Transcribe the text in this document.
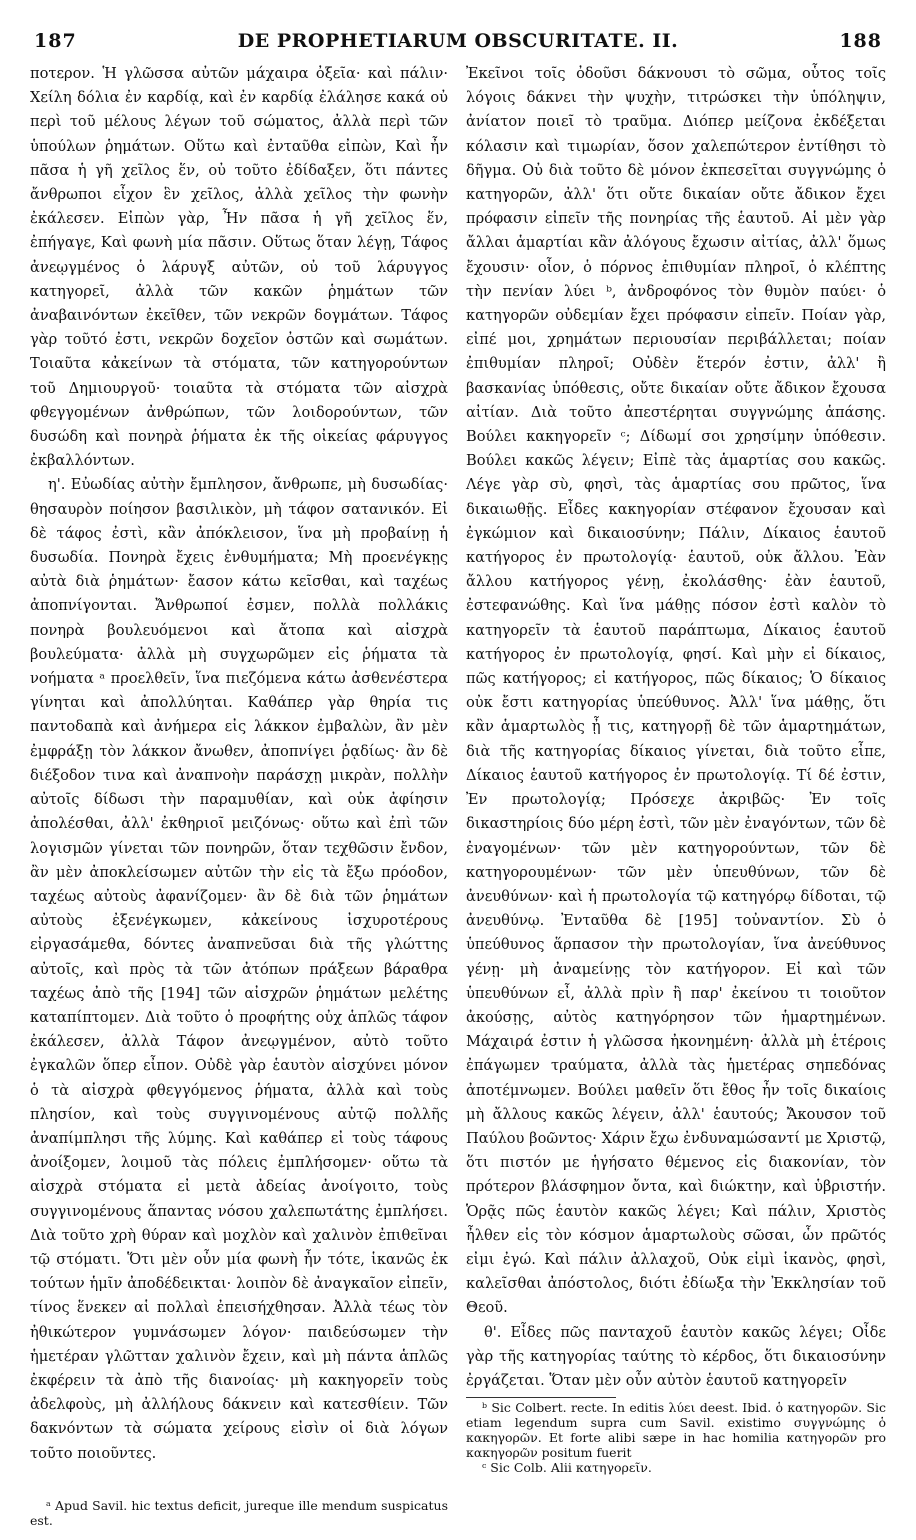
187	DE PROPHETIARUM OBSCURITATE. II.	188

ποτερον. Ἡ γλῶσσα αὐτῶν μάχαιρα ὀξεῖα· καὶ πάλιν· Χείλη δόλια ἐν καρδίᾳ, καὶ ἐν καρδίᾳ ἐλάλησε κακά οὐ περὶ τοῦ μέλους λέγων τοῦ σώματος, ἀλλὰ περὶ τῶν ὑπούλων ῥημάτων. Οὕτω καὶ ἐνταῦθα εἰπὼν, Καὶ ἦν πᾶσα ἡ γῆ χεῖλος ἕν, οὐ τοῦτο ἐδίδαξεν, ὅτι πάντες ἄνθρωποι εἶχον ἓν χεῖλος, ἀλλὰ χεῖλος τὴν φωνὴν ἐκάλεσεν. Εἰπὼν γὰρ, Ἦν πᾶσα ἡ γῆ χεῖλος ἕν, ἐπήγαγε, Καὶ φωνὴ μία πᾶσιν. Οὕτως ὅταν λέγῃ, Τάφος ἀνεῳγμένος ὁ λάρυγξ αὐτῶν, οὐ τοῦ λάρυγγος κατηγορεῖ, ἀλλὰ τῶν κακῶν ῥημάτων τῶν ἀναβαινόντων ἐκεῖθεν, τῶν νεκρῶν δογμάτων. Τάφος γὰρ τοῦτό ἐστι, νεκρῶν δοχεῖον ὀστῶν καὶ σωμάτων. Τοιαῦτα κἀκείνων τὰ στόματα, τῶν κατηγορούντων τοῦ Δημιουργοῦ· τοιαῦτα τὰ στόματα τῶν αἰσχρὰ φθεγγομένων ἀνθρώπων, τῶν λοιδορούντων, τῶν δυσώδη καὶ πονηρὰ ῥήματα ἐκ τῆς οἰκείας φάρυγγος ἐκβαλλόντων.

η'. Εὐωδίας αὐτὴν ἔμπλησον, ἄνθρωπε, μὴ δυσωδίας· θησαυρὸν ποίησον βασιλικὸν, μὴ τάφον σατανικόν. Εἰ δὲ τάφος ἐστὶ, κἂν ἀπόκλεισον, ἵνα μὴ προβαίνῃ ἡ δυσωδία. Πονηρὰ ἔχεις ἐνθυμήματα; Μὴ προενέγκῃς αὐτὰ διὰ ῥημάτων· ἔασον κάτω κεῖσθαι, καὶ ταχέως ἀποπνίγονται. Ἄνθρωποί ἐσμεν, πολλὰ πολλάκις πονηρὰ βουλευόμενοι καὶ ἄτοπα καὶ αἰσχρὰ βουλεύματα· ἀλλὰ μὴ συγχωρῶμεν εἰς ῥήματα τὰ νοήματα ᵃ προελθεῖν, ἵνα πιεζόμενα κάτω ἀσθενέστερα γίνηται καὶ ἀπολλύηται. Καθάπερ γὰρ θηρία τις παντοδαπὰ καὶ ἀνήμερα εἰς λάκκον ἐμβαλὼν, ἂν μὲν ἐμφράξῃ τὸν λάκκον ἄνωθεν, ἀποπνίγει ῥᾳδίως· ἂν δὲ διέξοδον τινα καὶ ἀναπνοὴν παράσχῃ μικρὰν, πολλὴν αὐτοῖς δίδωσι τὴν παραμυθίαν, καὶ οὐκ ἀφίησιν ἀπολέσθαι, ἀλλ' ἐκθηριοῖ μειζόνως· οὕτω καὶ ἐπὶ τῶν λογισμῶν γίνεται τῶν πονηρῶν, ὅταν τεχθῶσιν ἔνδον, ἂν μὲν ἀποκλείσωμεν αὐτῶν τὴν εἰς τὰ ἔξω πρόοδον, ταχέως αὐτοὺς ἀφανίζομεν· ἂν δὲ διὰ τῶν ῥημάτων αὐτοὺς ἐξενέγκωμεν, κἀκείνους ἰσχυροτέρους εἰργασάμεθα, δόντες ἀναπνεῦσαι διὰ τῆς γλώττης αὐτοῖς, καὶ πρὸς τὰ τῶν ἀτόπων πράξεων βάραθρα ταχέως ἀπὸ τῆς [194] τῶν αἰσχρῶν ῥημάτων μελέτης καταπίπτομεν. Διὰ τοῦτο ὁ προφήτης οὐχ ἁπλῶς τάφον ἐκάλεσεν, ἀλλὰ Τάφον ἀνεῳγμένον, αὐτὸ τοῦτο ἐγκαλῶν ὅπερ εἶπον. Οὐδὲ γὰρ ἑαυτὸν αἰσχύνει μόνον ὁ τὰ αἰσχρὰ φθεγγόμενος ῥήματα, ἀλλὰ καὶ τοὺς πλησίον, καὶ τοὺς συγγινομένους αὐτῷ πολλῆς ἀναπίμπλησι τῆς λύμης. Καὶ καθάπερ εἰ τοὺς τάφους ἀνοίξομεν, λοιμοῦ τὰς πόλεις ἐμπλήσομεν· οὕτω τὰ αἰσχρὰ στόματα εἰ μετὰ ἀδείας ἀνοίγοιτο, τοὺς συγγινομένους ἅπαντας νόσου χαλεπωτάτης ἐμπλήσει. Διὰ τοῦτο χρὴ θύραν καὶ μοχλὸν καὶ χαλινὸν ἐπιθεῖναι τῷ στόματι. Ὅτι μὲν οὖν μία φωνὴ ἦν τότε, ἱκανῶς ἐκ τούτων ἡμῖν ἀποδέδεικται· λοιπὸν δὲ ἀναγκαῖον εἰπεῖν, τίνος ἕνεκεν αἱ πολλαὶ ἐπεισήχθησαν. Ἀλλὰ τέως τὸν ἠθικώτερον γυμνάσωμεν λόγον· παιδεύσωμεν τὴν ἡμετέραν γλῶτταν χαλινὸν ἔχειν, καὶ μὴ πάντα ἁπλῶς ἐκφέρειν τὰ ἀπὸ τῆς διανοίας· μὴ κακηγορεῖν τοὺς ἀδελφοὺς, μὴ ἀλλήλους δάκνειν καὶ κατεσθίειν. Τῶν δακνόντων τὰ σώματα χείρους εἰσὶν οἱ διὰ λόγων τοῦτο ποιοῦντες.

Ἐκεῖνοι τοῖς ὀδοῦσι δάκνουσι τὸ σῶμα, οὗτος τοῖς λόγοις δάκνει τὴν ψυχὴν, τιτρώσκει τὴν ὑπόληψιν, ἀνίατον ποιεῖ τὸ τραῦμα. Διόπερ μείζονα ἐκδέξεται κόλασιν καὶ τιμωρίαν, ὅσον χαλεπώτερον ἐντίθησι τὸ δῆγμα. Οὐ διὰ τοῦτο δὲ μόνον ἐκπεσεῖται συγγνώμης ὁ κατηγορῶν, ἀλλ' ὅτι οὔτε δικαίαν οὔτε ἄδικον ἔχει πρόφασιν εἰπεῖν τῆς πονηρίας τῆς ἑαυτοῦ. Αἱ μὲν γὰρ ἄλλαι ἁμαρτίαι κἂν ἀλόγους ἔχωσιν αἰτίας, ἀλλ' ὅμως ἔχουσιν· οἷον, ὁ πόρνος ἐπιθυμίαν πληροῖ, ὁ κλέπτης τὴν πενίαν λύει ᵇ, ἀνδροφόνος τὸν θυμὸν παύει· ὁ κατηγορῶν οὐδεμίαν ἔχει πρόφασιν εἰπεῖν. Ποίαν γὰρ, εἰπέ μοι, χρημάτων περιουσίαν περιβάλλεται; ποίαν ἐπιθυμίαν πληροῖ; Οὐδὲν ἕτερόν ἐστιν, ἀλλ' ἢ βασκανίας ὑπόθεσις, οὔτε δικαίαν οὔτε ἄδικον ἔχουσα αἰτίαν. Διὰ τοῦτο ἀπεστέρηται συγγνώμης ἁπάσης. Βούλει κακηγορεῖν ᶜ; Δίδωμί σοι χρησίμην ὑπόθεσιν. Βούλει κακῶς λέγειν; Εἰπὲ τὰς ἁμαρτίας σου κακῶς. Λέγε γὰρ σὺ, φησὶ, τὰς ἁμαρτίας σου πρῶτος, ἵνα δικαιωθῇς. Εἶδες κακηγορίαν στέφανον ἔχουσαν καὶ ἐγκώμιον καὶ δικαιοσύνην; Πάλιν, Δίκαιος ἑαυτοῦ κατήγορος ἐν πρωτολογίᾳ· ἑαυτοῦ, οὐκ ἄλλου. Ἐὰν ἄλλου κατήγορος γένῃ, ἐκολάσθης· ἐὰν ἑαυτοῦ, ἐστεφανώθης. Καὶ ἵνα μάθῃς πόσον ἐστὶ καλὸν τὸ κατηγορεῖν τὰ ἑαυτοῦ παράπτωμα, Δίκαιος ἑαυτοῦ κατήγορος ἐν πρωτολογίᾳ, φησί. Καὶ μὴν εἰ δίκαιος, πῶς κατήγορος; εἰ κατήγορος, πῶς δίκαιος; Ὁ δίκαιος οὐκ ἔστι κατηγορίας ὑπεύθυνος. Ἀλλ' ἵνα μάθῃς, ὅτι κἂν ἁμαρτωλὸς ᾖ τις, κατηγορῇ δὲ τῶν ἁμαρτημάτων, διὰ τῆς κατηγορίας δίκαιος γίνεται, διὰ τοῦτο εἶπε, Δίκαιος ἑαυτοῦ κατήγορος ἐν πρωτολογίᾳ. Τί δέ ἐστιν, Ἐν πρωτολογίᾳ; Πρόσεχε ἀκριβῶς· Ἐν τοῖς δικαστηρίοις δύο μέρη ἐστὶ, τῶν μὲν ἐναγόντων, τῶν δὲ ἐναγομένων· τῶν μὲν κατηγορούντων, τῶν δὲ κατηγορουμένων· τῶν μὲν ὑπευθύνων, τῶν δὲ ἀνευθύνων· καὶ ἡ πρωτολογία τῷ κατηγόρῳ δίδοται, τῷ ἀνευθύνῳ. Ἐνταῦθα δὲ [195] τοὐναντίον. Σὺ ὁ ὑπεύθυνος ἅρπασον τὴν πρωτολογίαν, ἵνα ἀνεύθυνος γένῃ· μὴ ἀναμείνῃς τὸν κατήγορον. Εἰ καὶ τῶν ὑπευθύνων εἶ, ἀλλὰ πρὶν ἢ παρ' ἐκείνου τι τοιοῦτον ἀκούσῃς, αὐτὸς κατηγόρησον τῶν ἡμαρτημένων. Μάχαιρά ἐστιν ἡ γλῶσσα ἠκονημένη· ἀλλὰ μὴ ἑτέροις ἐπάγωμεν τραύματα, ἀλλὰ τὰς ἡμετέρας σηπεδόνας ἀποτέμνωμεν. Βούλει μαθεῖν ὅτι ἔθος ἦν τοῖς δικαίοις μὴ ἄλλους κακῶς λέγειν, ἀλλ' ἑαυτούς; Ἄκουσον τοῦ Παύλου βοῶντος· Χάριν ἔχω ἐνδυναμώσαντί με Χριστῷ, ὅτι πιστόν με ἡγήσατο θέμενος εἰς διακονίαν, τὸν πρότερον βλάσφημον ὄντα, καὶ διώκτην, καὶ ὑβριστήν. Ὁρᾷς πῶς ἑαυτὸν κακῶς λέγει; Καὶ πάλιν, Χριστὸς ἦλθεν εἰς τὸν κόσμον ἁμαρτωλοὺς σῶσαι, ὧν πρῶτός εἰμι ἐγώ. Καὶ πάλιν ἀλλαχοῦ, Οὐκ εἰμὶ ἱκανὸς, φησὶ, καλεῖσθαι ἀπόστολος, διότι ἐδίωξα τὴν Ἐκκλησίαν τοῦ Θεοῦ.

θ'. Εἶδες πῶς πανταχοῦ ἑαυτὸν κακῶς λέγει; Οἶδε γὰρ τῆς κατηγορίας ταύτης τὸ κέρδος, ὅτι δικαιοσύνην ἐργάζεται. Ὅταν μὲν οὖν αὐτὸν ἑαυτοῦ κατηγορεῖν

ᵇ Sic Colbert. recte. In editis λύει deest. Ibid. ὁ κατηγορῶν. Sic etiam legendum supra cum Savil. existimo συγγνώμης ὁ κακηγορῶν. Et forte alibi sæpe in hac homilia κατηγορῶν pro κακηγορῶν positum fuerit

ᶜ Sic Colb. Alii κατηγορεῖν.

ᵃ Apud Savil. hic textus deficit, jureque ille mendum suspicatus est.
